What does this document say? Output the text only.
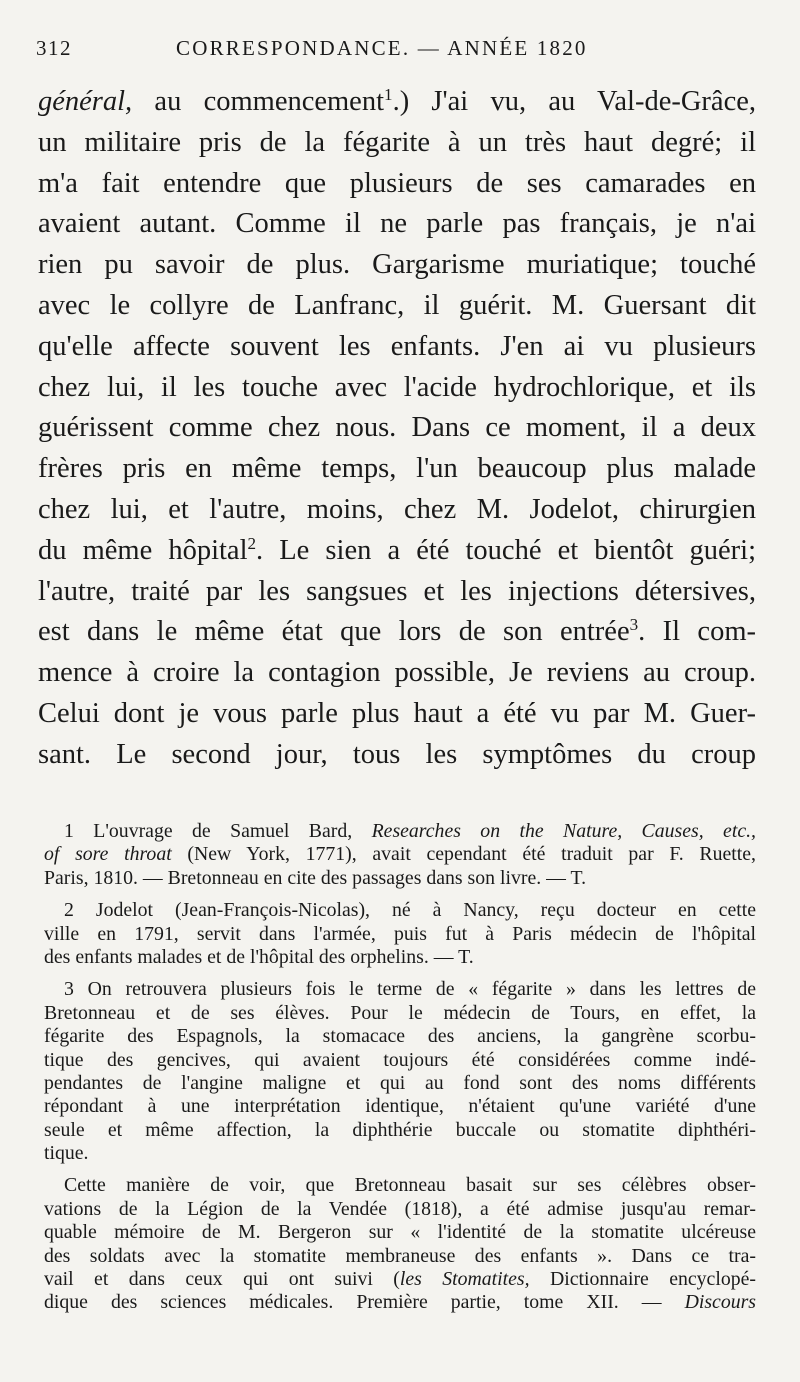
312	CORRESPONDANCE. — ANNÉE 1820
général, au commencement$^1$.) J'ai vu, au Val-de-Grâce,
un militaire pris de la fégarite à un très haut degré; il
m'a fait entendre que plusieurs de ses camarades en
avaient autant. Comme il ne parle pas français, je n'ai
rien pu savoir de plus. Gargarisme muriatique; touché
avec le collyre de Lanfranc, il guérit. M. Guersant dit
qu'elle affecte souvent les enfants. J'en ai vu plusieurs
chez lui, il les touche avec l'acide hydrochlorique, et ils
guérissent comme chez nous. Dans ce moment, il a deux
frères pris en même temps, l'un beaucoup plus malade
chez lui, et l'autre, moins, chez M. Jodelot, chirurgien
du même hôpital$^2$. Le sien a été touché et bientôt guéri;
l'autre, traité par les sangsues et les injections détersives,
est dans le même état que lors de son entrée$^3$. Il com-
mence à croire la contagion possible, Je reviens au croup.
Celui dont je vous parle plus haut a été vu par M. Guer-
sant. Le second jour, tous les symptômes du croup
1 L'ouvrage de Samuel Bard, Researches on the Nature, Causes, etc.,
of sore throat (New York, 1771), avait cependant été traduit par F. Ruette,
Paris, 1810. — Bretonneau en cite des passages dans son livre. — T.
2 Jodelot (Jean-François-Nicolas), né à Nancy, reçu docteur en cette
ville en 1791, servit dans l'armée, puis fut à Paris médecin de l'hôpital
des enfants malades et de l'hôpital des orphelins. — T.
3 On retrouvera plusieurs fois le terme de « fégarite » dans les lettres de
Bretonneau et de ses élèves. Pour le médecin de Tours, en effet, la
fégarite des Espagnols, la stomacace des anciens, la gangrène scorbu-
tique des gencives, qui avaient toujours été considérées comme indé-
pendantes de l'angine maligne et qui au fond sont des noms différents
répondant à une interprétation identique, n'étaient qu'une variété d'une
seule et même affection, la diphthérie buccale ou stomatite diphthéri-
tique.
Cette manière de voir, que Bretonneau basait sur ses célèbres obser-
vations de la Légion de la Vendée (1818), a été admise jusqu'au remar-
quable mémoire de M. Bergeron sur « l'identité de la stomatite ulcéreuse
des soldats avec la stomatite membraneuse des enfants ». Dans ce tra-
vail et dans ceux qui ont suivi (les Stomatites, Dictionnaire encyclopé-
dique des sciences médicales. Première partie, tome XII. — Discours
